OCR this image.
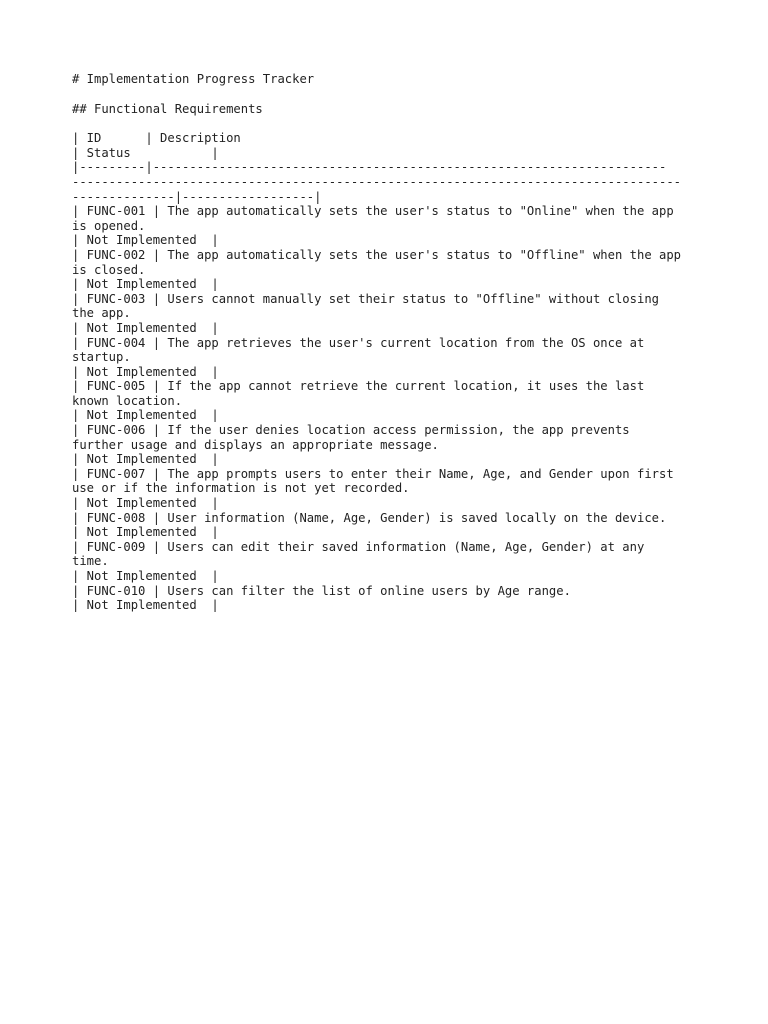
# Implementation Progress Tracker
## Functional Requirements
| ID      | Description
| Status           |
|---------|----------------------------------------------------------------------
-----------------------------------------------------------------------------------
--------------|------------------|
| FUNC-001 | The app automatically sets the user's status to "Online" when the app
is opened.
| Not Implemented  |
| FUNC-002 | The app automatically sets the user's status to "Offline" when the app
is closed.
| Not Implemented  |
| FUNC-003 | Users cannot manually set their status to "Offline" without closing
the app.
| Not Implemented  |
| FUNC-004 | The app retrieves the user's current location from the OS once at
startup.
| Not Implemented  |
| FUNC-005 | If the app cannot retrieve the current location, it uses the last
known location.
| Not Implemented  |
| FUNC-006 | If the user denies location access permission, the app prevents
further usage and displays an appropriate message.
| Not Implemented  |
| FUNC-007 | The app prompts users to enter their Name, Age, and Gender upon first
use or if the information is not yet recorded.
| Not Implemented  |
| FUNC-008 | User information (Name, Age, Gender) is saved locally on the device.
| Not Implemented  |
| FUNC-009 | Users can edit their saved information (Name, Age, Gender) at any
time.
| Not Implemented  |
| FUNC-010 | Users can filter the list of online users by Age range.
| Not Implemented  |
